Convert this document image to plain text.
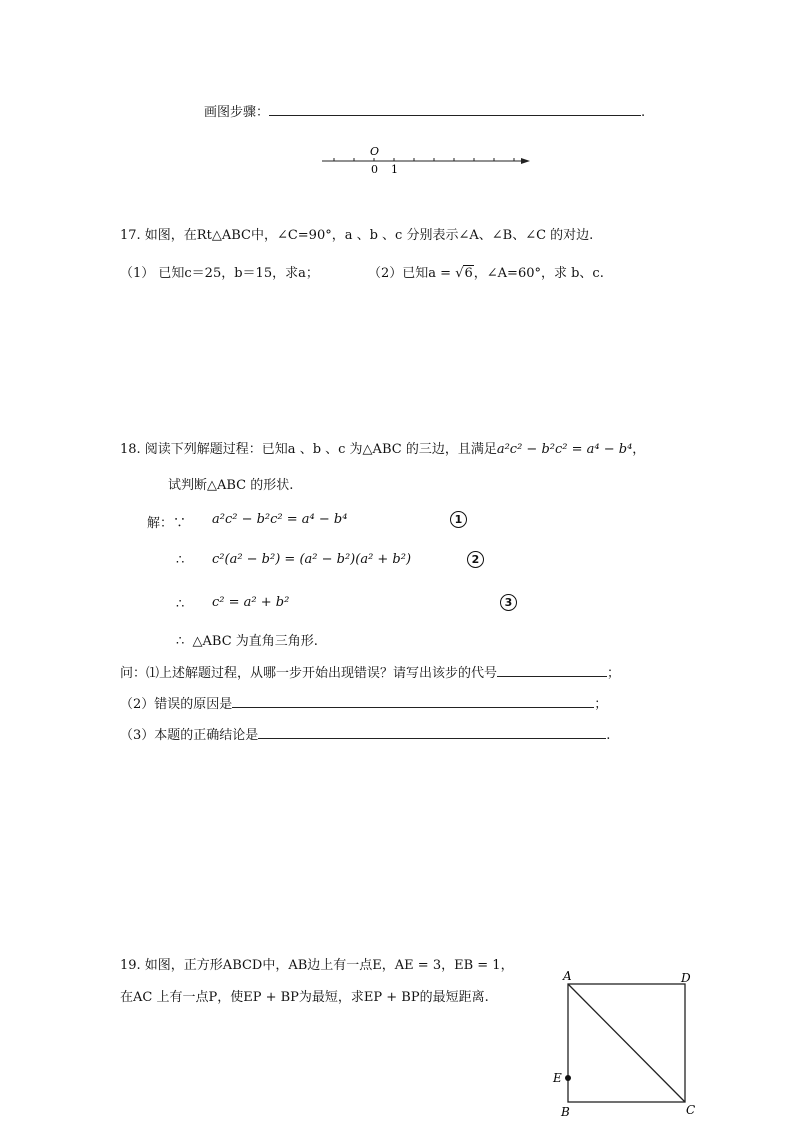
画图步骤：	.
O
0 1
17. 如图，在Rt△ABC中，∠C=90°，a 、b 、c 分别表示∠A、∠B、∠C 的对边.
（1） 已知c＝25，b＝15，求a；	（2）已知a = √6，∠A=60°，求 b、c.
18. 阅读下列解题过程：已知a 、b 、c 为△ABC 的三边，且满足a²c² − b²c² = a⁴ − b⁴，
试判断△ABC 的形状.
解：∵ a²c² − b²c² = a⁴ − b⁴	1
∴ c²(a² − b²) = (a² − b²)(a² + b²)	2
∴ c² = a² + b²	3
∴ △ABC 为直角三角形.
问：⑴上述解题过程，从哪一步开始出现错误？请写出该步的代号	；
（2）错误的原因是	；
（3）本题的正确结论是	.
19. 如图，正方形ABCD中，AB边上有一点E，AE = 3，EB = 1，
在AC 上有一点P，使EP + BP为最短，求EP + BP的最短距离.
A	D
E
B	C
